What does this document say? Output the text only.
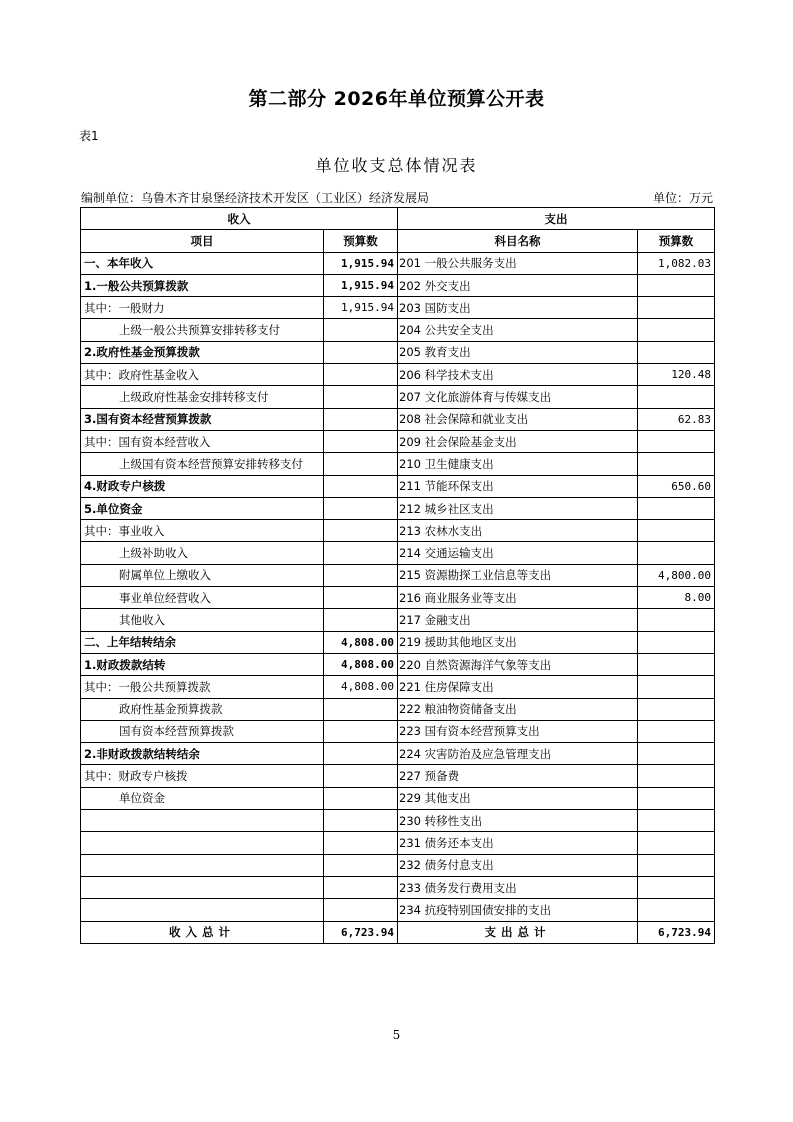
第二部分 2026年单位预算公开表
表1
单位收支总体情况表
编制单位：乌鲁木齐甘泉堡经济技术开发区（工业区）经济发展局	单位：万元
收入		支出	
项目	预算数	科目名称	预算数
一、本年收入	1,915.94	201 一般公共服务支出	1,082.03
1.一般公共预算拨款	1,915.94	202 外交支出	
其中：一般财力	1,915.94	203 国防支出	
上级一般公共预算安排转移支付		204 公共安全支出	
2.政府性基金预算拨款		205 教育支出	
其中：政府性基金收入		206 科学技术支出	120.48
上级政府性基金安排转移支付		207 文化旅游体育与传媒支出	
3.国有资本经营预算拨款		208 社会保障和就业支出	62.83
其中：国有资本经营收入		209 社会保险基金支出	
上级国有资本经营预算安排转移支付		210 卫生健康支出	
4.财政专户核拨		211 节能环保支出	650.60
5.单位资金		212 城乡社区支出	
其中：事业收入		213 农林水支出	
上级补助收入		214 交通运输支出	
附属单位上缴收入		215 资源勘探工业信息等支出	4,800.00
事业单位经营收入		216 商业服务业等支出	8.00
其他收入		217 金融支出	
二、上年结转结余	4,808.00	219 援助其他地区支出	
1.财政拨款结转	4,808.00	220 自然资源海洋气象等支出	
其中：一般公共预算拨款	4,808.00	221 住房保障支出	
政府性基金预算拨款		222 粮油物资储备支出	
国有资本经营预算拨款		223 国有资本经营预算支出	
2.非财政拨款结转结余		224 灾害防治及应急管理支出	
其中：财政专户核拨		227 预备费	
单位资金		229 其他支出	
		230 转移性支出	
		231 债务还本支出	
		232 债务付息支出	
		233 债务发行费用支出	
		234 抗疫特别国债安排的支出	
收入总计	6,723.94	支出总计	6,723.94
5
